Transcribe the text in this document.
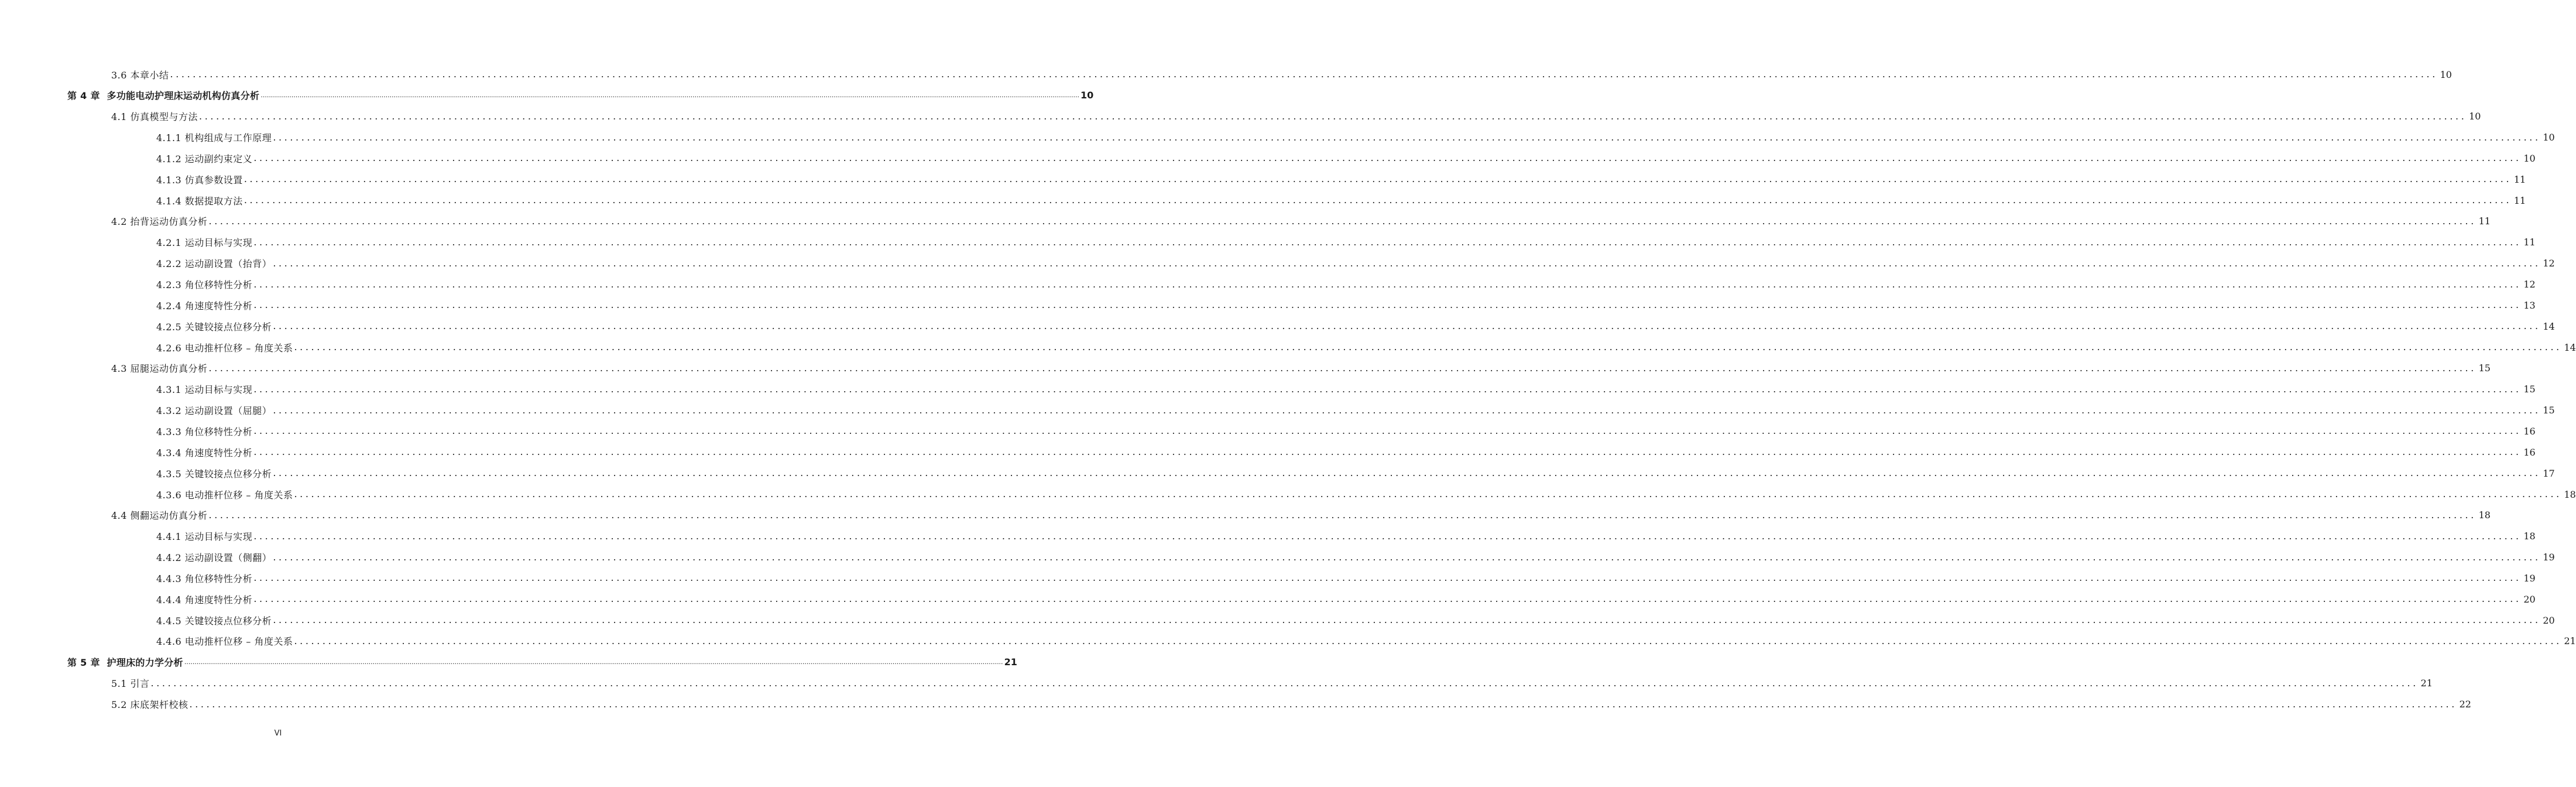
3.6 本章小结 ................................................................................................................................................................................................................................................................................................................................................................................................................ 10
第 4 章  多功能电动护理床运动机构仿真分析 ................................................................................................................................................................................................................................................................................................................................................................................................................ 10
4.1 仿真模型与方法 ................................................................................................................................................................................................................................................................................................................................................................................................................ 10
4.1.1 机构组成与工作原理 ................................................................................................................................................................................................................................................................................................................................................................................................................ 10
4.1.2 运动副约束定义 ................................................................................................................................................................................................................................................................................................................................................................................................................ 10
4.1.3 仿真参数设置 ................................................................................................................................................................................................................................................................................................................................................................................................................ 11
4.1.4 数据提取方法 ................................................................................................................................................................................................................................................................................................................................................................................................................ 11
4.2 抬背运动仿真分析 ................................................................................................................................................................................................................................................................................................................................................................................................................ 11
4.2.1 运动目标与实现 ................................................................................................................................................................................................................................................................................................................................................................................................................ 11
4.2.2 运动副设置（抬背） ................................................................................................................................................................................................................................................................................................................................................................................................................ 12
4.2.3 角位移特性分析 ................................................................................................................................................................................................................................................................................................................................................................................................................ 12
4.2.4 角速度特性分析 ................................................................................................................................................................................................................................................................................................................................................................................................................ 13
4.2.5 关键铰接点位移分析 ................................................................................................................................................................................................................................................................................................................................................................................................................ 14
4.2.6 电动推杆位移 – 角度关系 ................................................................................................................................................................................................................................................................................................................................................................................................................ 14
4.3 屈腿运动仿真分析 ................................................................................................................................................................................................................................................................................................................................................................................................................ 15
4.3.1 运动目标与实现 ................................................................................................................................................................................................................................................................................................................................................................................................................ 15
4.3.2 运动副设置（屈腿） ................................................................................................................................................................................................................................................................................................................................................................................................................ 15
4.3.3 角位移特性分析 ................................................................................................................................................................................................................................................................................................................................................................................................................ 16
4.3.4 角速度特性分析 ................................................................................................................................................................................................................................................................................................................................................................................................................ 16
4.3.5 关键铰接点位移分析 ................................................................................................................................................................................................................................................................................................................................................................................................................ 17
4.3.6 电动推杆位移 – 角度关系 ................................................................................................................................................................................................................................................................................................................................................................................................................ 18
4.4 侧翻运动仿真分析 ................................................................................................................................................................................................................................................................................................................................................................................................................ 18
4.4.1 运动目标与实现 ................................................................................................................................................................................................................................................................................................................................................................................................................ 18
4.4.2 运动副设置（侧翻） ................................................................................................................................................................................................................................................................................................................................................................................................................ 19
4.4.3 角位移特性分析 ................................................................................................................................................................................................................................................................................................................................................................................................................ 19
4.4.4 角速度特性分析 ................................................................................................................................................................................................................................................................................................................................................................................................................ 20
4.4.5 关键铰接点位移分析 ................................................................................................................................................................................................................................................................................................................................................................................................................ 20
4.4.6 电动推杆位移 – 角度关系 ................................................................................................................................................................................................................................................................................................................................................................................................................ 21
第 5 章  护理床的力学分析 ................................................................................................................................................................................................................................................................................................................................................................................................................ 21
5.1 引言 ................................................................................................................................................................................................................................................................................................................................................................................................................ 21
5.2 床底架杆校核 ................................................................................................................................................................................................................................................................................................................................................................................................................ 22
VI
